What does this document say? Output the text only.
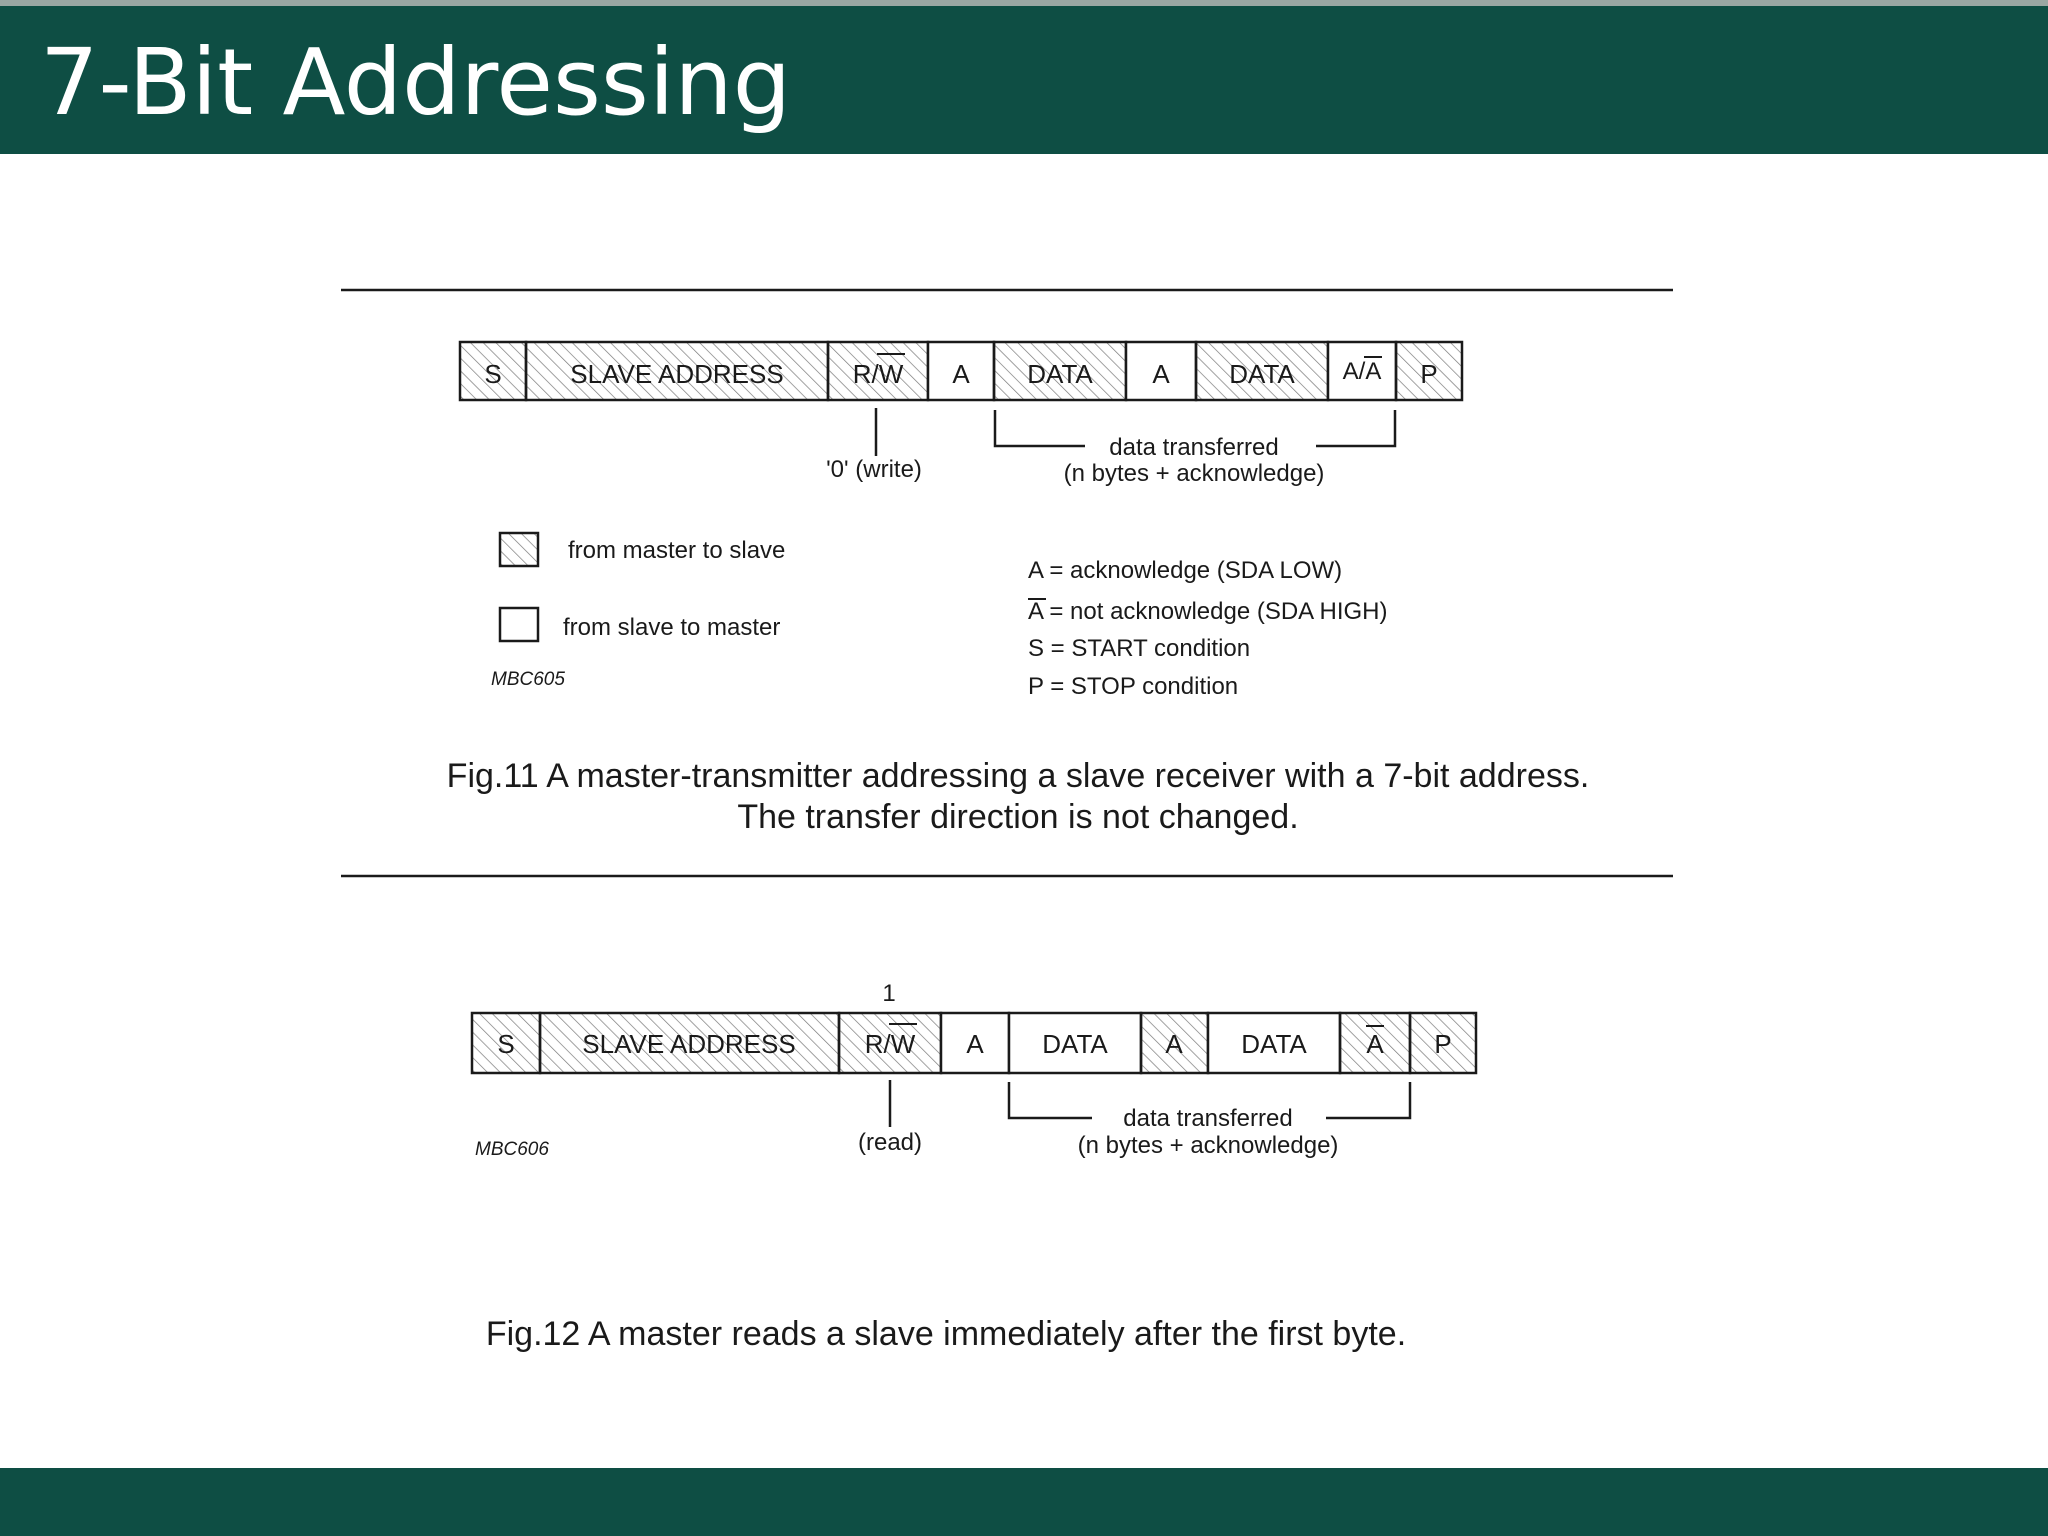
7-Bit Addressing
S	SLAVE ADDRESS	R/W A DATA A DATA A/A P
'0' (write)
data transferred
(n bytes + acknowledge)
from master to slave
from slave to master
MBC605
A = acknowledge (SDA LOW)
A = not acknowledge (SDA HIGH)
S = START condition
P = STOP condition
Fig.11 A master-transmitter addressing a slave receiver with a 7-bit address.
The transfer direction is not changed.
1
S	SLAVE ADDRESS	R/W A DATA A DATA A P
(read)
MBC606
data transferred
(n bytes + acknowledge)
Fig.12 A master reads a slave immediately after the first byte.
